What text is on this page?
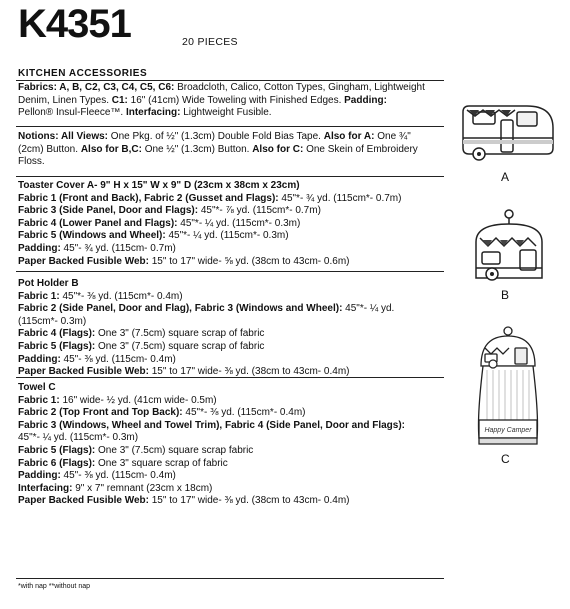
K4351	20 PIECES
KITCHEN ACCESSORIES
Fabrics: A, B, C2, C3, C4, C5, C6: Broadcloth, Calico, Cotton Types, Gingham, Lightweight
Denim, Linen Types. C1: 16" (41cm) Wide Toweling with Finished Edges. Padding:
Pellon® Insul-Fleece™. Interfacing: Lightweight Fusible.
Notions: All Views: One Pkg. of ½" (1.3cm) Double Fold Bias Tape. Also for A: One ¾"
(2cm) Button. Also for B,C: One ½" (1.3cm) Button. Also for C: One Skein of Embroidery
Floss.
Toaster Cover A- 9" H x 15" W x 9" D (23cm x 38cm x 23cm)
Fabric 1 (Front and Back), Fabric 2 (Gusset and Flags): 45"*- ¾ yd. (115cm*- 0.7m)
Fabric 3 (Side Panel, Door and Flags): 45"*- ⅞ yd. (115cm*- 0.7m)
Fabric 4 (Lower Panel and Flags): 45"*- ¼ yd. (115cm*- 0.3m)
Fabric 5 (Windows and Wheel): 45"*- ¼ yd. (115cm*- 0.3m)
Padding: 45"- ¾ yd. (115cm- 0.7m)
Paper Backed Fusible Web: 15" to 17" wide- ⅝ yd. (38cm to 43cm- 0.6m)
Pot Holder B
Fabric 1: 45"*- ⅜ yd. (115cm*- 0.4m)
Fabric 2 (Side Panel, Door and Flag), Fabric 3 (Windows and Wheel): 45"*- ¼ yd.
(115cm*- 0.3m)
Fabric 4 (Flags): One 3" (7.5cm) square scrap of fabric
Fabric 5 (Flags): One 3" (7.5cm) square scrap of fabric
Padding: 45"- ⅜ yd. (115cm- 0.4m)
Paper Backed Fusible Web: 15" to 17" wide- ⅜ yd. (38cm to 43cm- 0.4m)
Towel C
Fabric 1: 16" wide- ½ yd. (41cm wide- 0.5m)
Fabric 2 (Top Front and Top Back): 45"*- ⅜ yd. (115cm*- 0.4m)
Fabric 3 (Windows, Wheel and Towel Trim), Fabric 4 (Side Panel, Door and Flags):
45"*- ¼ yd. (115cm*- 0.3m)
Fabric 5 (Flags): One 3" (7.5cm) square scrap fabric
Fabric 6 (Flags): One 3" square scrap of fabric
Padding: 45"- ⅜ yd. (115cm- 0.4m)
Interfacing: 9" x 7" remnant (23cm x 18cm)
Paper Backed Fusible Web: 15" to 17" wide- ⅜ yd. (38cm to 43cm- 0.4m)
*with nap **without nap
A
B
Happy Camper
C
